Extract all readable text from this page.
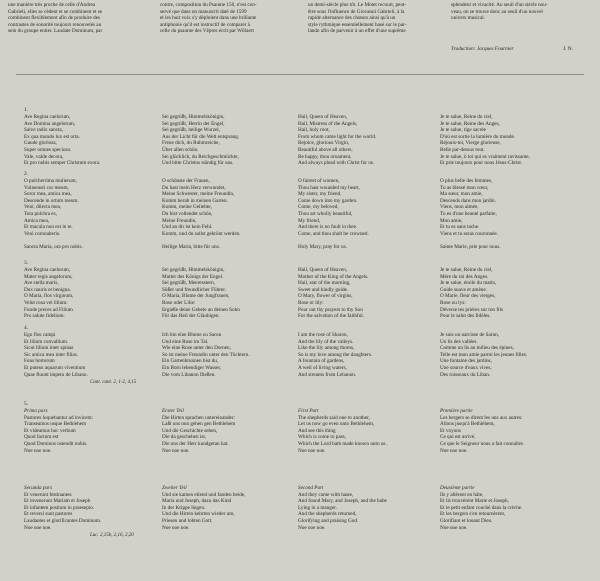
une manière très proche de celle d'Andrea

Gabrieli, elles se cèdent et se combinent et se

combinent flexiblement afin de produire des

contrastes de sonorité toujours renouvelés au

sein du groupe entier. Laudate Dominum, par

contre, composition du Psaume 150, n'est con-

servé que dans un manuscrit daté de 1599

et les huit voix s'y déploient dans une brillante

antiphonie qu'il est instructif de comparer à

celle du psaume des Vêpres écrit par Willaert

un demi-siècle plus tôt. Le Motet recourt, peut-

être sous l'influence de Giovanni Gabrieli, à la

rapide alternance des chœurs ainsi qu'à un

style rythmique essentiellement basé sur le par-

lando afin de parvenir à un effet d'une suprême

splendeur et vivacité. Au seuil d'un siècle nou-

veau, on se trouve donc au seuil d'un nouvel

univers musical.

Traduction: Jacques Fournier	J. N.
1.
Ave Regina caelorum,
Ave Domina angelorum,
Salve radix sancta,
Ex qua mundo lux est orta.
Gaude gloriosa,
Super omnes speciosa.
Vale, valde decora,
Et pro nobis semper Christum exora.
Sei gegrüßt, Himmelskönigin,
Sei gegrüßt, Herrin der Engel,
Sei gegrüßt, heilige Wurzel,
Aus der Licht für die Welt entsprang.
Freue dich, du Ruhmreiche,
Über allen schön.
Sei glücklich, du Reichgeschmückte,
Und bitte Christus ständig für uns.
Hail, Queen of Heaven,
Hail, Mistress of the Angels,
Hail, holy root,
From whom came light for the world.
Rejoice, glorious Virgin,
Beautiful above all others.
Be happy, thou ornament,
And always plead with Christ for us.
Je te salue, Reine du ciel,
Je te salue, Reine des Anges,
Je te salue, tige sacrée
D'où est sortie la lumière du monde.
Réjouis-toi, Vierge glorieuse,
Belle par-dessus tout.
Je te salue, ô toi qui es vraiment ravissante,
Et prie toujours pour nous Jésus-Christ.
2.
O pulcherrima mulierum,
Vulnerasti cor meum,
Soror mea, amica mea,
Descende in ortum meum.
Veni, dilecta mea,
Tota pulchra es,
Amica mea,
Et macula non est in te.
Veni coronaberis.

Sancta Maria, ora pro nobis.
O schönste der Frauen,
Du hast mein Herz verwundet,
Meine Schwester, meine Freundin,
Komm herab in meinen Garten.
Komm, meine Geliebte,
Du bist vollendet schön,
Meine Freundin,
Und an dir ist kein Fehl.
Komm, und du sollst gekrönt werden.

Heilige Maria, bitte für uns.
O fairest of women,
Thou hast wounded my heart,
My sister, my friend,
Come down into my garden.
Come, my beloved,
Thou art wholly beautiful,
My friend,
And there is no fault in thee.
Come, and thou shalt be crowned.

Holy Mary, pray for us.
O plus belle des femmes,
Tu as blessé mon cœur,
Ma sœur, mon amie,
Descends dans mon jardin.
Viens, mon aimée,
Tu es d'une beauté parfaite,
Mon amie,
Et tu es sans tache.
Viens et tu seras couronnée.

Sainte Marie, prie pour nous.
3.
Ave Regina caelorum,
Mater regis angelorum,
Ave stella maris,
Dux nauris et benigna.
O Maria, flos virginum,
Velut rosa vel lilium:
Funde preces ad Filium
Pro salute fidelium.
Sei gegrüßt, Himmelskönigin,
Mutter des Königs der Engel.
Sei gegrüßt, Meeresstern,
Süßer und freundlicher Führer.
O Maria, Blume der Jungfrauen,
Rose oder Lilie:
Ergieße deine Gebete an deinen Sohn
Für das Heil der Gläubigen.
Hail, Queen of Heaven,
Mother of the King of the Angels.
Hail, star of the morning,
Sweet and kindly guide.
O Mary, flower of virgins,
Rose or lily:
Pour out thy prayers to thy Son
For the salvation of the faithful.
Je te salue, Reine du ciel,
Mère du roi des Anges.
Je te salue, étoile du matin,
Guide suave et amène.
O Marie, fleur des vierges,
Rose ou lys:
Déverse tes prières sur ton fils
Pour le salut des fidèles.
4.
Ego flos campi
Et lilium convallium.
Sicut lilium inter spinas
Sic amica mea inter filias.
Fons hortorum
Et puteus aquarum viventium
Quae fluunt impetu de Libano.
Ich bin eine Blume zu Saron
Und eine Rose im Tal.
Wie eine Rose unter den Dornen,
So ist meine Freundin unter den Töchtern.
Ein Gartenbrunnen bist du,
Ein Born lebendiger Wasser,
Die vom Libanon fließen.
I am the rose of Sharon,
And the lily of the valleys.
Like the lily among thorns,
So is my love among the daughters.
A fountain of gardens,
A well of living waters,
And streams from Lebanon.
Je suis un narcisse de Saron,
Un lis des vallées.
Comme un lis au milieu des épines,
Telle est mon amie parmi les jeunes filles.
Une fontaine des jardins,
Une source d'eaux vives,
Des ruisseaux du Liban.
Cant. cant. 2, 1-2, 4,15
5.
Prima pars
Pastores loquebantur ad invicem:
Transeamus usque Bethlehem
Et videamus hoc verbum
Quod factum est
Quod Dominus ostendit nobis.
Noe noe noe.
Erster Teil
Die Hirten sprachen untereinander:
Laßt uns nun gehen gen Bethlehem
Und die Geschichte sehen,
Die da geschehen ist,
Die uns der Herr kundgetan hat.
Noe noe noe.
First Part
The shepherds said one to another,
Let us now go even unto Bethlehem,
And see this thing
Which is come to pass,
Which the Lord hath made known unto us.
Noe noe noe.
Première partie
Les bergers se dirent les uns aux autres:
Allons jusqu'à Bethléhem,
Et voyons
Ce qui est arrivé,
Ce que le Seigneur nous a fait connaître.
Noe noe noe.
Secunda pars
Et venerunt festinantes
Et invenerunt Mariam et Joseph
Et infantem positum in praesepio.
Et reversi sunt pastores
Laudantes et glorificantes Dominum.
Noe noe noe.
Zweiter Teil
Und sie kamen eilend und fanden beide,
Maria und Joseph, dazu das Kind
In der Krippe liegen.
Und die Hirten kehrten wieder um,
Priesen und lobten Gott.
Noe noe noe.
Second Part
And they came with haste,
And found Mary, and Joseph, and the babe
Lying in a manger.
And the shepherds returned,
Glorifying and praising God.
Noe noe noe.
Deuxième partie
Ils y allèrent en hâte,
Et ils trouvèrent Marie et Joseph,
Et le petit enfant couché dans la crèche.
Et les bergers s'en retournèrent,
Glorifiant et louant Dieu.
Noe noe noe.
Luc. 2,15b, 2,16, 2,20
